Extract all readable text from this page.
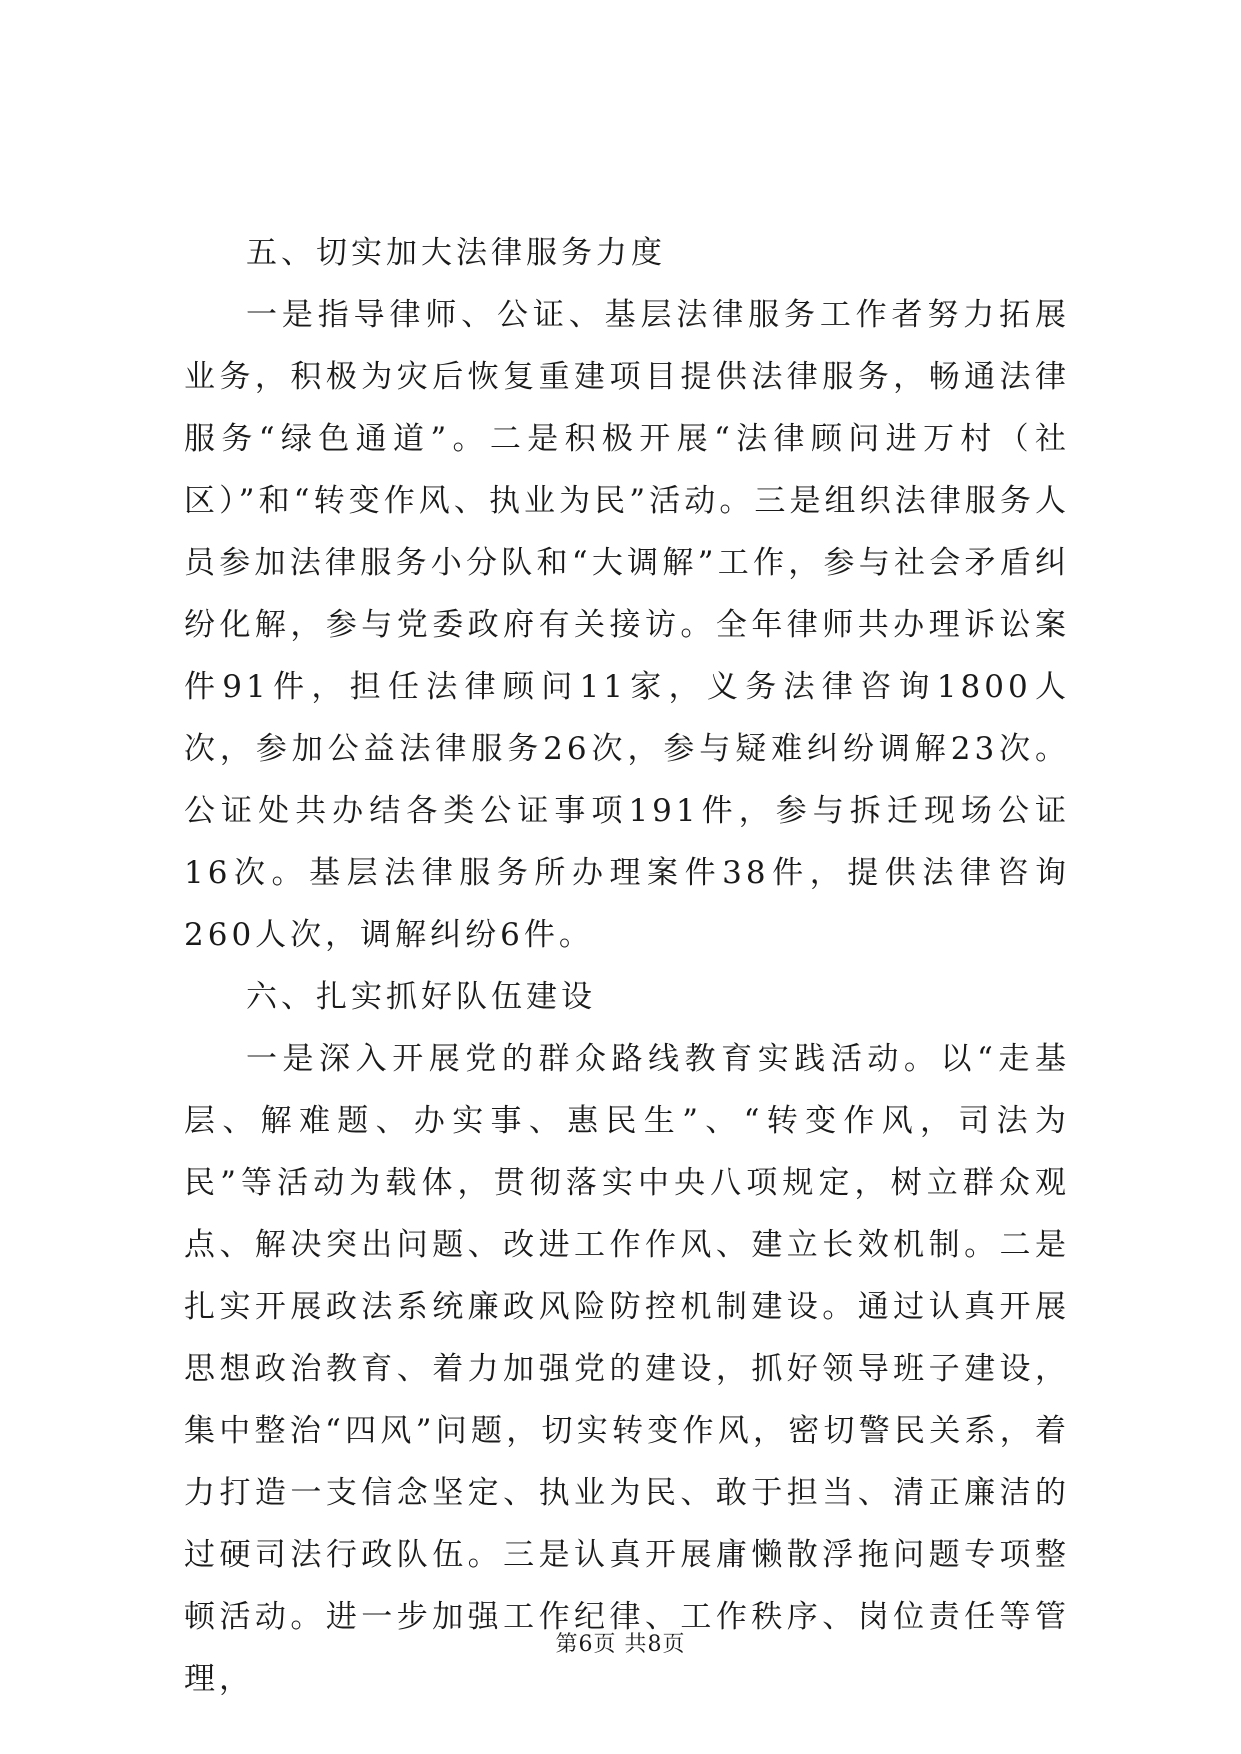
五、切实加大法律服务力度

一是指导律师、公证、基层法律服务工作者努力拓展业务，积极为灾后恢复重建项目提供法律服务，畅通法律服务“绿色通道”。二是积极开展“法律顾问进万村（社区）”和“转变作风、执业为民”活动。三是组织法律服务人员参加法律服务小分队和“大调解”工作，参与社会矛盾纠纷化解，参与党委政府有关接访。全年律师共办理诉讼案件91件，担任法律顾问11家，义务法律咨询1800人次，参加公益法律服务26次，参与疑难纠纷调解23次。公证处共办结各类公证事项191件，参与拆迁现场公证16次。基层法律服务所办理案件38件，提供法律咨询260人次，调解纠纷6件。

六、扎实抓好队伍建设

一是深入开展党的群众路线教育实践活动。以“走基层、解难题、办实事、惠民生”、“转变作风，司法为民”等活动为载体，贯彻落实中央八项规定，树立群众观点、解决突出问题、改进工作作风、建立长效机制。二是扎实开展政法系统廉政风险防控机制建设。通过认真开展思想政治教育、着力加强党的建设，抓好领导班子建设，集中整治“四风”问题，切实转变作风，密切警民关系，着力打造一支信念坚定、执业为民、敢于担当、清正廉洁的过硬司法行政队伍。三是认真开展庸懒散浮拖问题专项整顿活动。进一步加强工作纪律、工作秩序、岗位责任等管理，

第6页 共8页
